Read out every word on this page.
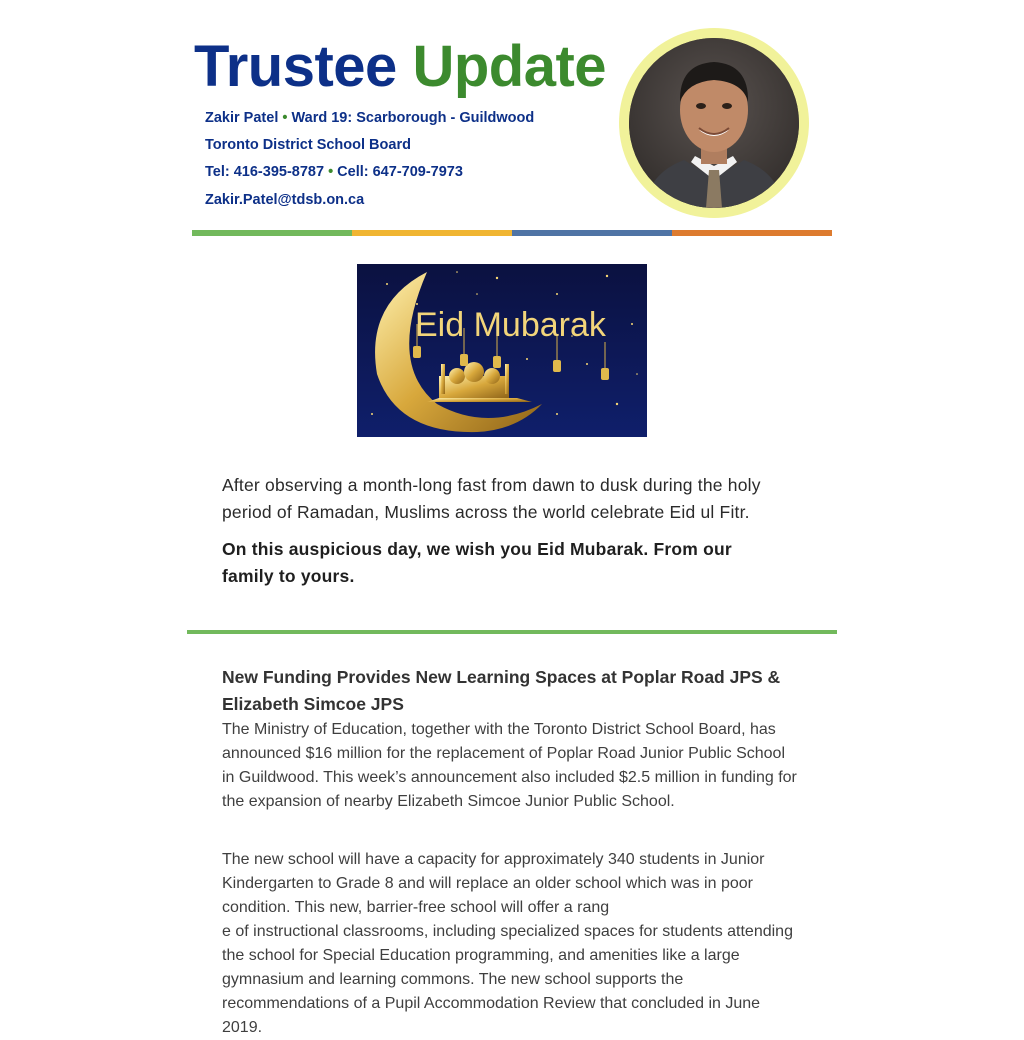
Trustee Update
Zakir Patel • Ward 19: Scarborough - Guildwood
Toronto District School Board
Tel: 416-395-8787 • Cell: 647-709-7973
Zakir.Patel@tdsb.on.ca
Eid Mubarak

After observing a month-long fast from dawn to dusk during the holy
period of Ramadan, Muslims across the world celebrate Eid ul Fitr.

On this auspicious day, we wish you Eid Mubarak. From our
family to yours.

New Funding Provides New Learning Spaces at Poplar Road JPS &
Elizabeth Simcoe JPS

The Ministry of Education, together with the Toronto District School Board, has
announced $16 million for the replacement of Poplar Road Junior Public School
in Guildwood. This week’s announcement also included $2.5 million in funding for
the expansion of nearby Elizabeth Simcoe Junior Public School.

The new school will have a capacity for approximately 340 students in Junior
Kindergarten to Grade 8 and will replace an older school which was in poor
condition. This new, barrier-free school will offer a rang
e of instructional classrooms, including specialized spaces for students attending
the school for Special Education programming, and amenities like a large
gymnasium and learning commons. The new school supports the
recommendations of a Pupil Accommodation Review that concluded in June
2019.
